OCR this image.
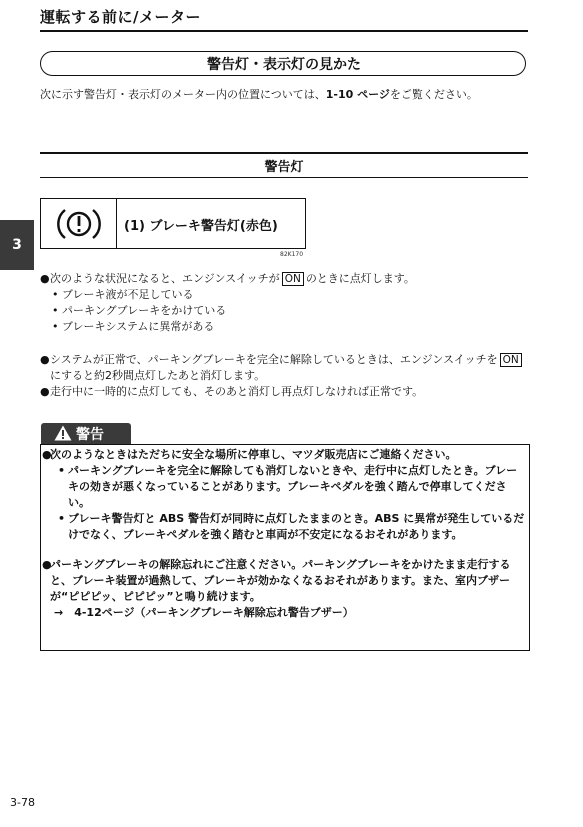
運転する前に/メーター
警告灯・表示灯の見かた
次に示す警告灯・表示灯のメーター内の位置については、1-10 ページをご覧ください。
警告灯
3
(1) ブレーキ警告灯(赤色)
82K170
● 次のような状況になると、エンジンスイッチが ON のときに点灯します。
• ブレーキ液が不足している
• パーキングブレーキをかけている
• ブレーキシステムに異常がある
● システムが正常で、パーキングブレーキを完全に解除しているときは、エンジンスイッチを ONにすると約2秒間点灯したあと消灯します。
● 走行中に一時的に点灯しても、そのあと消灯し再点灯しなければ正常です。
警告
●
次のようなときはただちに安全な場所に停車し、マツダ販売店にご連絡ください。
• パーキングブレーキを完全に解除しても消灯しないときや、走行中に点灯したとき。ブレーキの効きが悪くなっていることがあります。ブレーキペダルを強く踏んで停車してください。
• ブレーキ警告灯と ABS 警告灯が同時に点灯したままのとき。ABS に異常が発生しているだけでなく、ブレーキペダルを強く踏むと車両が不安定になるおそれがあります。
●
パーキングブレーキの解除忘れにご注意ください。パーキングブレーキをかけたまま走行すると、ブレーキ装置が過熱して、ブレーキが効かなくなるおそれがあります。また、室内ブザーが“ピピピッ、ピピピッ”と鳴り続けます。
→　4-12ページ（パーキングブレーキ解除忘れ警告ブザー）
3-78
